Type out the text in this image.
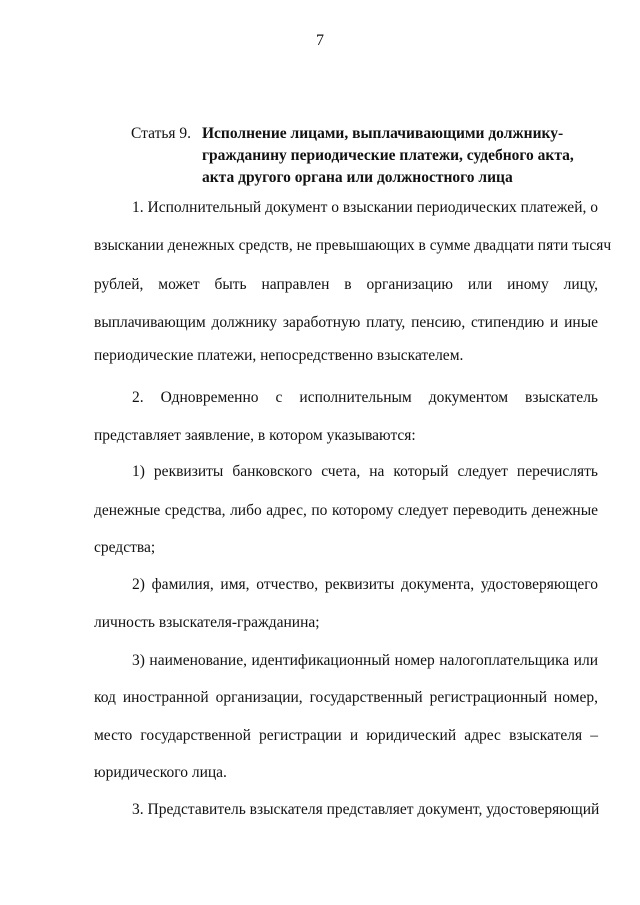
7
Статья 9. Исполнение лицами, выплачивающими должнику-
гражданину периодические платежи, судебного акта,
акта другого органа или должностного лица
1. Исполнительный документ о взыскании периодических платежей, о
взыскании денежных средств, не превышающих в сумме двадцати пяти тысяч
рублей, может быть направлен в организацию или иному лицу,
выплачивающим должнику заработную плату, пенсию, стипендию и иные
периодические платежи, непосредственно взыскателем.
2. Одновременно с исполнительным документом взыскатель
представляет заявление, в котором указываются:
1) реквизиты банковского счета, на который следует перечислять
денежные средства, либо адрес, по которому следует переводить денежные
средства;
2) фамилия, имя, отчество, реквизиты документа, удостоверяющего
личность взыскателя-гражданина;
3) наименование, идентификационный номер налогоплательщика или
код иностранной организации, государственный регистрационный номер,
место государственной регистрации и юридический адрес взыскателя –
юридического лица.
3. Представитель взыскателя представляет документ, удостоверяющий
